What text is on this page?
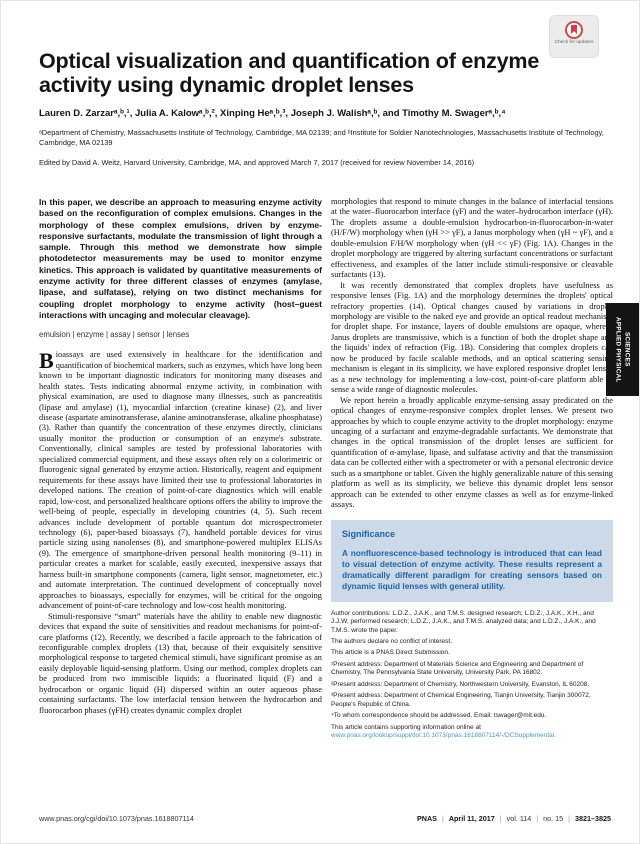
PNAS
PNAS
PNAS
PNAS
Check for updates
APPLIED PHYSICAL SCIENCES
Optical visualization and quantification of enzyme activity using dynamic droplet lenses
Lauren D. Zarzarᵃ,ᵇ,¹, Julia A. Kalowᵃ,ᵇ,², Xinping Heᵃ,ᵇ,³, Joseph J. Walishᵃ,ᵇ, and Timothy M. Swagerᵃ,ᵇ,⁴
ᵃDepartment of Chemistry, Massachusetts Institute of Technology, Cambridge, MA 02139; and ᵇInstitute for Soldier Nanotechnologies, Massachusetts Institute of Technology, Cambridge, MA 02139
Edited by David A. Weitz, Harvard University, Cambridge, MA, and approved March 7, 2017 (received for review November 14, 2016)

In this paper, we describe an approach to measuring enzyme activity based on the reconfiguration of complex emulsions. Changes in the morphology of these complex emulsions, driven by enzyme-responsive surfactants, modulate the transmission of light through a sample. Through this method we demonstrate how simple photodetector measurements may be used to monitor enzyme kinetics. This approach is validated by quantitative measurements of enzyme activity for three different classes of enzymes (amylase, lipase, and sulfatase), relying on two distinct mechanisms for coupling droplet morphology to enzyme activity (host–guest interactions with uncaging and molecular cleavage).

emulsion | enzyme | assay | sensor | lenses

Bioassays are used extensively in healthcare for the identification and quantification of biochemical markers, such as enzymes, which have long been known to be important diagnostic indicators for monitoring many diseases and health states. Tests indicating abnormal enzyme activity, in combination with physical examination, are used to diagnose many illnesses, such as pancreatitis (lipase and amylase) (1), myocardial infarction (creatine kinase) (2), and liver disease (aspartate aminotransferase, alanine aminotransferase, alkaline phosphatase) (3). Rather than quantify the concentration of these enzymes directly, clinicians usually monitor the production or consumption of an enzyme's substrate. Conventionally, clinical samples are tested by professional laboratories with specialized commercial equipment, and these assays often rely on a colorimetric or fluorogenic signal generated by enzyme action. Historically, reagent and equipment requirements for these assays have limited their use to professional laboratories in developed nations. The creation of point-of-care diagnostics which will enable rapid, low-cost, and personalized healthcare options offers the ability to improve the well-being of people, especially in developing countries (4, 5). Such recent advances include development of portable quantum dot microspectrometer technology (6), paper-based bioassays (7), handheld portable devices for virus particle sizing using nanolenses (8), and smartphone-powered multiplex ELISAs (9). The emergence of smartphone-driven personal health monitoring (9–11) in particular creates a market for scalable, easily executed, inexpensive assays that harness built-in smartphone components (camera, light sensor, magnetometer, etc.) and automate interpretation. The continued development of conceptually novel approaches to bioassays, especially for enzymes, will be critical for the ongoing advancement of point-of-care technology and low-cost health monitoring.

Stimuli-responsive “smart” materials have the ability to enable new diagnostic devices that expand the suite of sensitivities and readout mechanisms for point-of-care platforms (12). Recently, we described a facile approach to the fabrication of reconfigurable complex droplets (13) that, because of their exquisitely sensitive morphological response to targeted chemical stimuli, have significant promise as an easily deployable liquid-sensing platform. Using our method, complex droplets can be produced from two immiscible liquids: a fluorinated liquid (F) and a hydrocarbon or organic liquid (H) dispersed within an outer aqueous phase containing surfactants. The low interfacial tension between the hydrocarbon and fluorocarbon phases (γFH) creates dynamic complex droplet

morphologies that respond to minute changes in the balance of interfacial tensions at the water–fluorocarbon interface (γF) and the water–hydrocarbon interface (γH). The droplets assume a double-emulsion hydrocarbon-in-fluorocarbon-in-water (H/F/W) morphology when (γH >> γF), a Janus morphology when (γH ~ γF), and a double-emulsion F/H/W morphology when (γH << γF) (Fig. 1A). Changes in the droplet morphology are triggered by altering surfactant concentrations or surfactant effectiveness, and examples of the latter include stimuli-responsive or cleavable surfactants (13).

It was recently demonstrated that complex droplets have usefulness as responsive lenses (Fig. 1A) and the morphology determines the droplets' optical refractory properties (14). Optical changes caused by variations in droplet morphology are visible to the naked eye and provide an optical readout mechanism for droplet shape. For instance, layers of double emulsions are opaque, whereas Janus droplets are transmissive, which is a function of both the droplet shape and the liquids' index of refraction (Fig. 1B). Considering that complex droplets can now be produced by facile scalable methods, and an optical scattering sensing mechanism is elegant in its simplicity, we have explored responsive droplet lenses as a new technology for implementing a low-cost, point-of-care platform able to sense a wide range of diagnostic molecules.

We report herein a broadly applicable enzyme-sensing assay predicated on the optical changes of enzyme-responsive complex droplet lenses. We present two approaches by which to couple enzyme activity to the droplet morphology: enzyme uncaging of a surfactant and enzyme-degradable surfactants. We demonstrate that changes in the optical transmission of the droplet lenses are sufficient for quantification of α-amylase, lipase, and sulfatase activity and that the transmission data can be collected either with a spectrometer or with a personal electronic device such as a smartphone or tablet. Given the highly generalizable nature of this sensing platform as well as its simplicity, we believe this dynamic droplet lens sensor approach can be extended to other enzyme classes as well as for enzyme-linked assays.

Significance

A nonfluorescence-based technology is introduced that can lead to visual detection of enzyme activity. These results represent a dramatically different paradigm for creating sensors based on dynamic liquid lenses with general utility.

Author contributions: L.D.Z., J.A.K., and T.M.S. designed research; L.D.Z., J.A.K., X.H., and J.J.W. performed research; L.D.Z., J.A.K., and T.M.S. analyzed data; and L.D.Z., J.A.K., and T.M.S. wrote the paper.

The authors declare no conflict of interest.

This article is a PNAS Direct Submission.

¹Present address: Department of Materials Science and Engineering and Department of Chemistry, The Pennsylvania State University, University Park, PA 16802.

²Present address: Department of Chemistry, Northwestern University, Evanston, IL 60208.

³Present address: Department of Chemical Engineering, Tianjin University, Tianjin 300072, People's Republic of China.

⁴To whom correspondence should be addressed. Email: tswager@mit.edu.

This article contains supporting information online at www.pnas.org/lookup/suppl/doi:10.1073/pnas.1618807114/-/DCSupplemental.

www.pnas.org/cgi/doi/10.1073/pnas.1618807114	PNAS | April 11, 2017 | vol. 114 | no. 15 | 3821–3825
